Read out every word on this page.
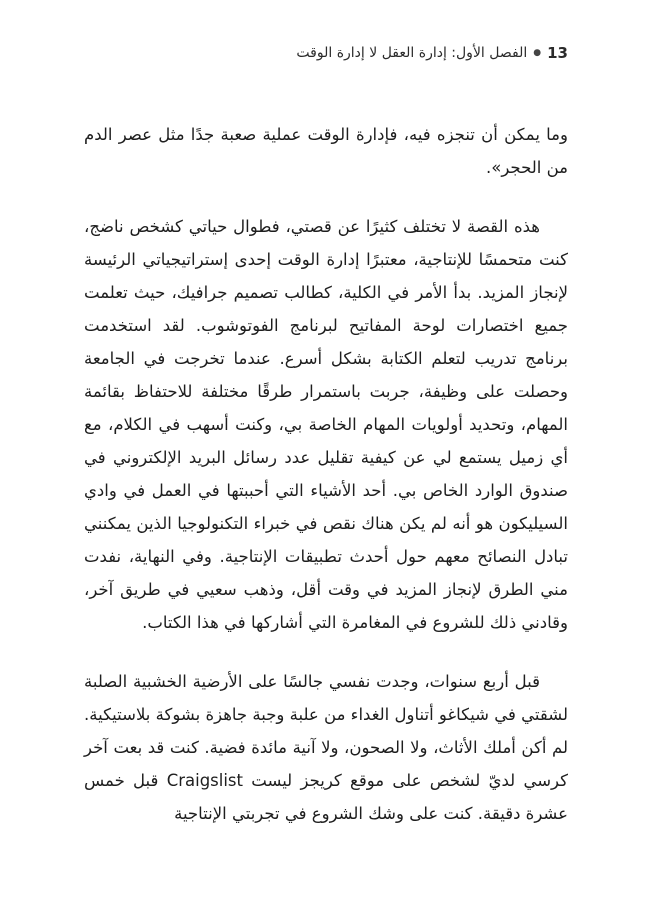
13
●
الفصل الأول: إدارة العقل لا إدارة الوقت

وما يمكن أن تنجزه فيه، فإدارة الوقت عملية صعبة جدًا مثل عصر الدم من الحجر».

هذه القصة لا تختلف كثيرًا عن قصتي، فطوال حياتي كشخص ناضج، كنت متحمسًا للإنتاجية، معتبرًا إدارة الوقت إحدى إستراتيجياتي الرئيسة لإنجاز المزيد. بدأ الأمر في الكلية، كطالب تصميم جرافيك، حيث تعلمت جميع اختصارات لوحة المفاتيح لبرنامج الفوتوشوب. لقد استخدمت برنامج تدريب لتعلم الكتابة بشكل أسرع. عندما تخرجت في الجامعة وحصلت على وظيفة، جربت باستمرار طرقًا مختلفة للاحتفاظ بقائمة المهام، وتحديد أولويات المهام الخاصة بي، وكنت أسهب في الكلام، مع أي زميل يستمع لي عن كيفية تقليل عدد رسائل البريد الإلكتروني في صندوق الوارد الخاص بي. أحد الأشياء التي أحببتها في العمل في وادي السيليكون هو أنه لم يكن هناك نقص في خبراء التكنولوجيا الذين يمكنني تبادل النصائح معهم حول أحدث تطبيقات الإنتاجية. وفي النهاية، نفدت مني الطرق لإنجاز المزيد في وقت أقل، وذهب سعيي في طريق آخر، وقادني ذلك للشروع في المغامرة التي أشاركها في هذا الكتاب.

قبل أربع سنوات، وجدت نفسي جالسًا على الأرضية الخشبية الصلبة لشقتي في شيكاغو أتناول الغداء من علبة وجبة جاهزة بشوكة بلاستيكية. لم أكن أملك الأثاث، ولا الصحون، ولا آنية مائدة فضية. كنت قد بعت آخر كرسي لديّ لشخص على موقع كريجز ليست Craigslist قبل خمس عشرة دقيقة. كنت على وشك الشروع في تجربتي الإنتاجية
